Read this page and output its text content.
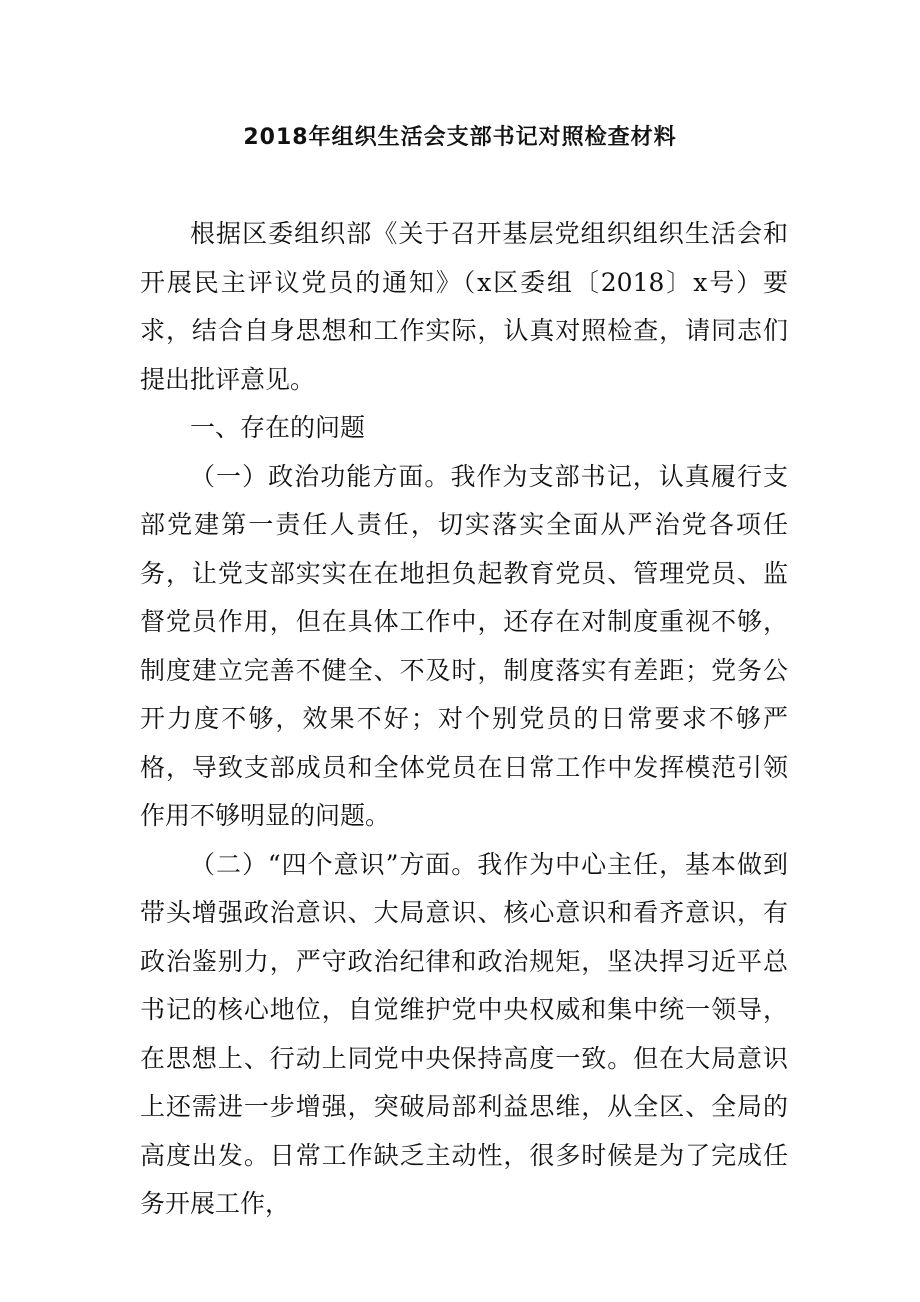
2018年组织生活会支部书记对照检查材料

根据区委组织部《关于召开基层党组织组织生活会和开展民主评议党员的通知》（x区委组〔2018〕x号）要求，结合自身思想和工作实际，认真对照检查，请同志们提出批评意见。

一、存在的问题

（一）政治功能方面。我作为支部书记，认真履行支部党建第一责任人责任，切实落实全面从严治党各项任务，让党支部实实在在地担负起教育党员、管理党员、监督党员作用，但在具体工作中，还存在对制度重视不够，制度建立完善不健全、不及时，制度落实有差距；党务公开力度不够，效果不好；对个别党员的日常要求不够严格，导致支部成员和全体党员在日常工作中发挥模范引领作用不够明显的问题。

（二）“四个意识”方面。我作为中心主任，基本做到带头增强政治意识、大局意识、核心意识和看齐意识，有政治鉴别力，严守政治纪律和政治规矩，坚决捍习近平总书记的核心地位，自觉维护党中央权威和集中统一领导，在思想上、行动上同党中央保持高度一致。但在大局意识上还需进一步增强，突破局部利益思维，从全区、全局的高度出发。日常工作缺乏主动性，很多时候是为了完成任务开展工作，
